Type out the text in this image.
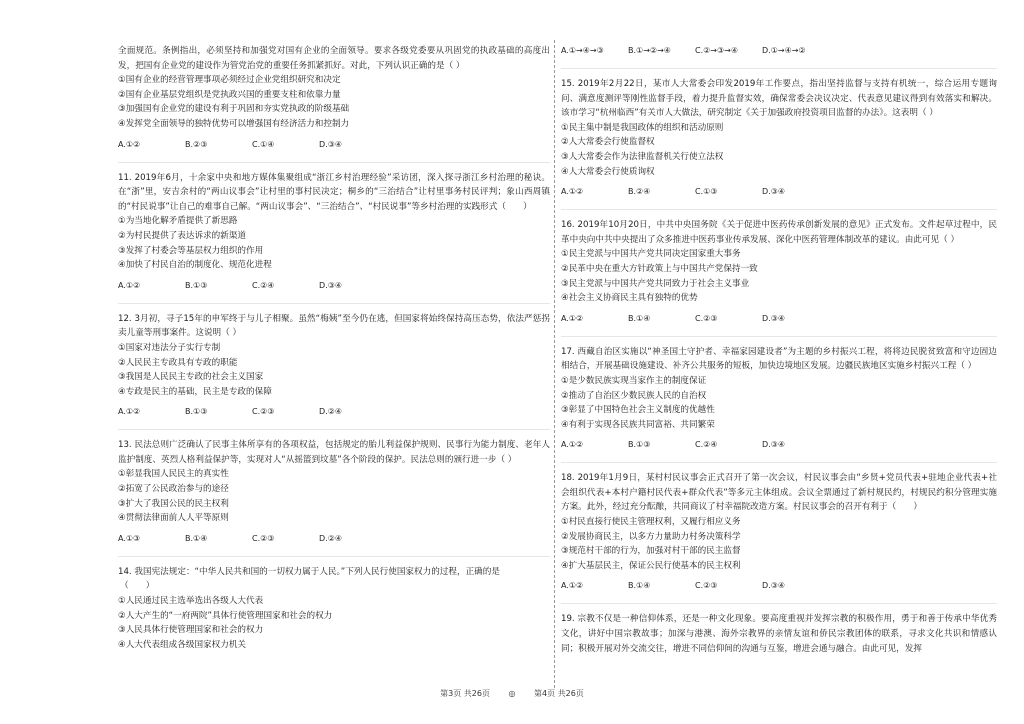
全面规范。条例指出，必须坚持和加强党对国有企业的全面领导。要求各级党委要从巩固党的执政基础的高度出发，把国有企业党的建设作为管党治党的重要任务抓紧抓好。对此，下列认识正确的是（ ）

①国有企业的经营管理事项必须经过企业党组织研究和决定

②国有企业基层党组织是党执政兴国的重要支柱和依靠力量

③加强国有企业党的建设有利于巩固和夯实党执政的阶级基础

④发挥党全面领导的独特优势可以增强国有经济活力和控制力

A.①②	B.②③	C.①④	D.③④

11. 2019年6月，十余家中央和地方媒体集聚组成“浙江乡村治理经验”采访团，深入探寻浙江乡村治理的秘诀。在“浙”里，安吉余村的“两山议事会”让村里的事村民决定；桐乡的“三治结合”让村里事务村民评判；象山西周镇的“村民说事”让自己的难事自己解。“两山议事会”、“三治结合”、“村民说事”等乡村治理的实践形式（　　）

①为当地化解矛盾提供了新思路

②为村民提供了表达诉求的新渠道

③发挥了村委会等基层权力组织的作用

④加快了村民自治的制度化、规范化进程

A.①②	B.①③	C.②④	D.③④

12. 3月初，寻子15年的申军终于与儿子相聚。虽然“梅姨”至今仍在逃，但国家将始终保持高压态势，依法严惩拐卖儿童等刑事案件。这说明（ ）

①国家对违法分子实行专制

②人民民主专政具有专政的职能

③我国是人民民主专政的社会主义国家

④专政是民主的基础，民主是专政的保障

A.①②	B.①③	C.②③	D.②④

13. 民法总则广泛确认了民事主体所享有的各项权益，包括规定的胎儿利益保护规则、民事行为能力制度、老年人监护制度、英烈人格利益保护等，实现对人“从摇篮到坟墓”各个阶段的保护。民法总则的颁行进一步（ ）

①彰显我国人民民主的真实性

②拓宽了公民政治参与的途径

③扩大了我国公民的民主权利

④贯彻法律面前人人平等原则

A.①③	B.①④	C.②③	D.②④

14. 我国宪法规定：“中华人民共和国的一切权力属于人民。”下列人民行使国家权力的过程，正确的是

（　　）

①人民通过民主选举选出各级人大代表

②人大产生的“一府两院”具体行使管理国家和社会的权力

③人民具体行使管理国家和社会的权力

④人大代表组成各级国家权力机关

A.①→④→③	B.①→②→④	C.②→③→④	D.①→④→②

15. 2019年2月22日，某市人大常委会印发2019年工作要点，指出坚持监督与支持有机统一，综合运用专题询问、满意度测评等刚性监督手段，着力提升监督实效，确保常委会决议决定、代表意见建议得到有效落实和解决。该市学习“杭州临西”有关市人大做法，研究制定《关于加强政府投资项目监督的办法》。这表明（ ）

①民主集中制是我国政体的组织和活动原则

②人大常委会行使监督权

③人大常委会作为法律监督机关行使立法权

④人大常委会行使质询权

A.①②	B.②④	C.①③	D.③④

16. 2019年10月20日，中共中央国务院《关于促进中医药传承创新发展的意见》正式发布。文件起草过程中，民革中央向中共中央提出了众多推进中医药事业传承发展、深化中医药管理体制改革的建议。由此可见（ ）

①民主党派与中国共产党共同决定国家重大事务

②民革中央在重大方针政策上与中国共产党保持一致

③民主党派与中国共产党共同致力于社会主义事业

④社会主义协商民主具有独特的优势

A.①②	B.①④	C.②③	D.③④

17. 西藏自治区实施以“神圣国土守护者、幸福家园建设者”为主题的乡村振兴工程，将将边民脱贫致富和守边固边相结合，开展基础设施建设、补齐公共服务的短板，加快边境地区发展。边疆民族地区实施乡村振兴工程（ ）

①是少数民族实现当家作主的制度保证

②推动了自治区少数民族人民的自治权

③彰显了中国特色社会主义制度的优越性

④有利于实现各民族共同富裕、共同繁荣

A.①②	B.①③	C.②④	D.③④

18. 2019年1月9日，某村村民议事会正式召开了第一次会议，村民议事会由“乡贤+党员代表+驻地企业代表+社会组织代表+本村户籍村民代表+群众代表”等多元主体组成。会议全票通过了新村规民约，村规民约积分管理实施方案。此外，经过充分酝酿，共同商议了村幸福院改造方案。村民议事会的召开有利于（　　）

①村民直接行使民主管理权利，又履行相应义务

②发展协商民主，以多方力量助力村务决策科学

③规范村干部的行为，加强对村干部的民主监督

④扩大基层民主，保证公民行使基本的民主权利

A.①②	B.①④	C.②③	D.③④

19. 宗教不仅是一种信仰体系，还是一种文化现象。要高度重视并发挥宗教的积极作用，勇于和善于传承中华优秀文化，讲好中国宗教故事；加深与港澳、海外宗教界的亲情友谊和侨民宗教团体的联系，寻求文化共识和情感认同；积极开展对外交流交往，增进不同信仰间的沟通与互鉴，增进会通与融合。由此可见，发挥

第3页 共26页 ◎ 第4页 共26页
